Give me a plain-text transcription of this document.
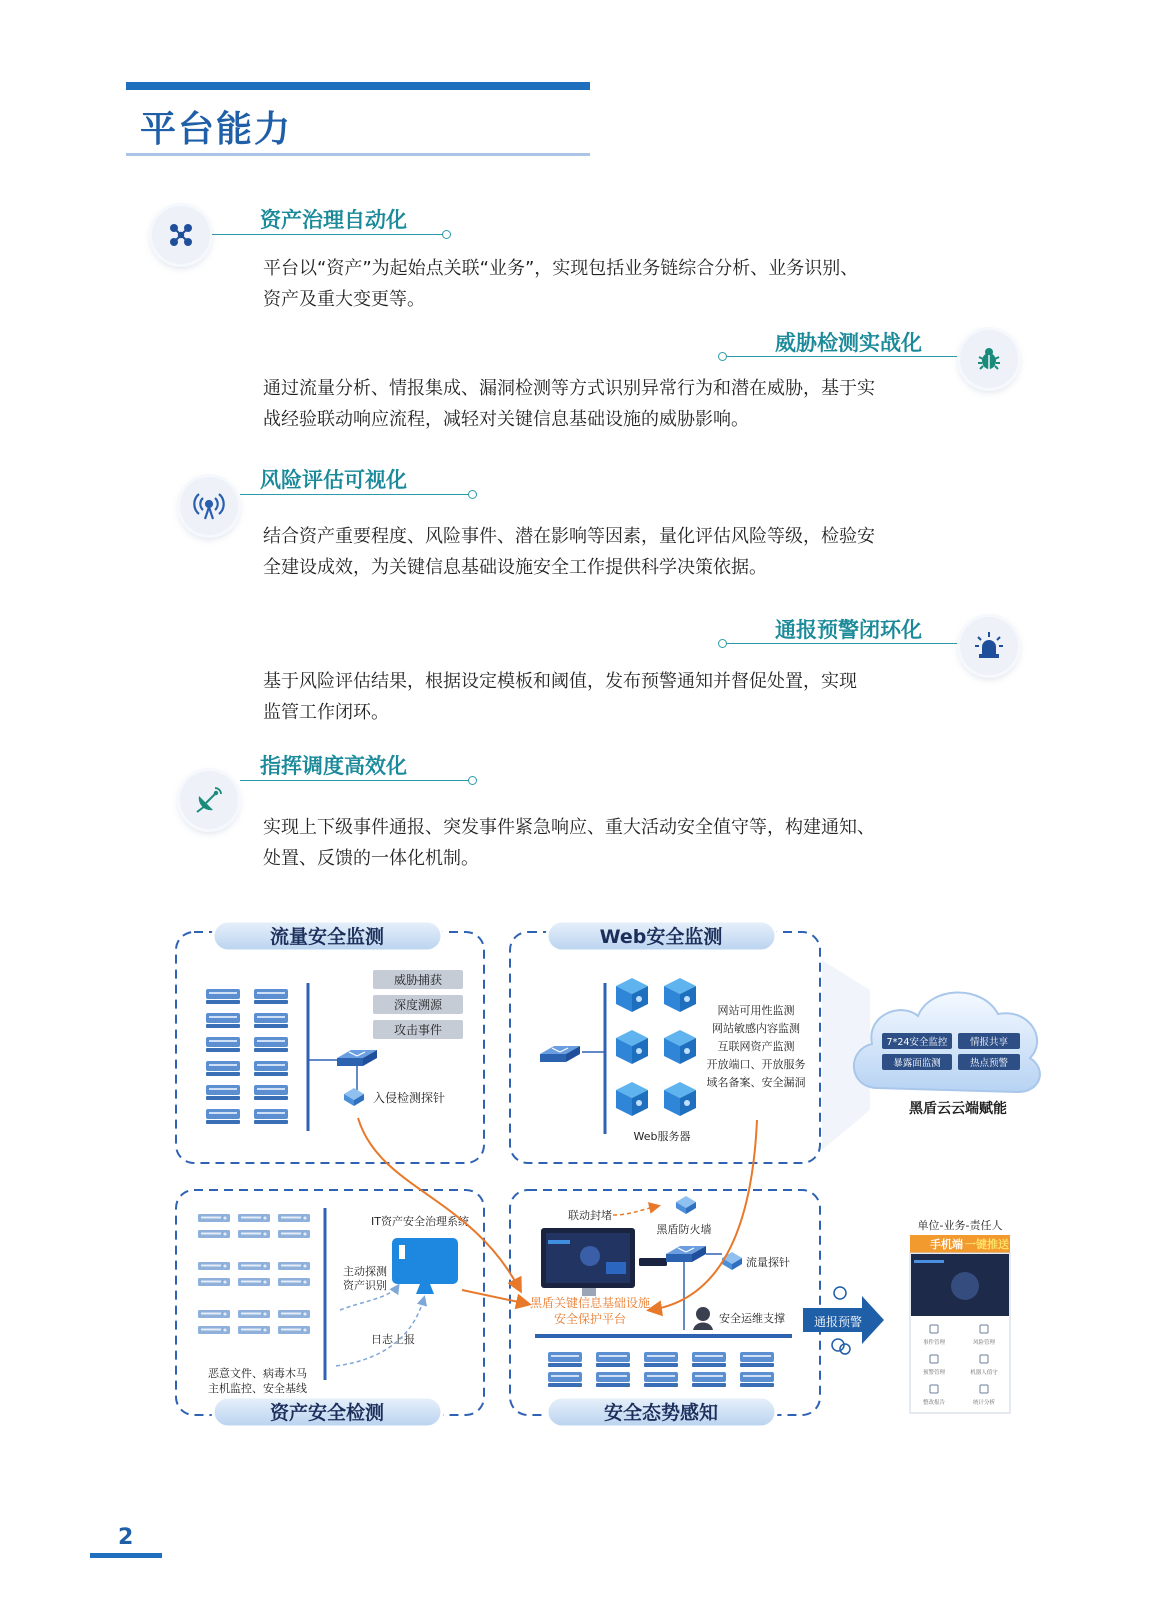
平台能力
资产治理自动化
平台以“资产”为起始点关联“业务”，实现包括业务链综合分析、业务识别、
资产及重大变更等。
威胁检测实战化
通过流量分析、情报集成、漏洞检测等方式识别异常行为和潜在威胁，基于实
战经验联动响应流程，减轻对关键信息基础设施的威胁影响。
风险评估可视化
结合资产重要程度、风险事件、潜在影响等因素，量化评估风险等级，检验安
全建设成效，为关键信息基础设施安全工作提供科学决策依据。
通报预警闭环化
基于风险评估结果，根据设定模板和阈值，发布预警通知并督促处置，实现
监管工作闭环。
指挥调度高效化
实现上下级事件通报、突发事件紧急响应、重大活动安全值守等，构建通知、
处置、反馈的一体化机制。
流量安全监测	Web安全监测
资产安全检测	安全态势感知
入侵检测探针
威胁捕获
深度溯源
攻击事件
Web服务器
网站可用性监测
网站敏感内容监测
互联网资产监测
开放端口、开放服务
域名备案、安全漏洞
7*24安全监控 情报共享
暴露面监测	热点预警
黑盾云云端赋能
恶意文件、病毒木马
主机监控、安全基线
IT资产安全治理系统
主动探测
资产识别
日志上报
联动封堵
黑盾防火墙
流量探针
黑盾关键信息基础设施
安全保护平台	安全运维支撑 通报预警
单位-业务-责任人
手机端 一键推送
事件管理	风险管理
预警管理	机器人值守
整改报告	统计分析
2
